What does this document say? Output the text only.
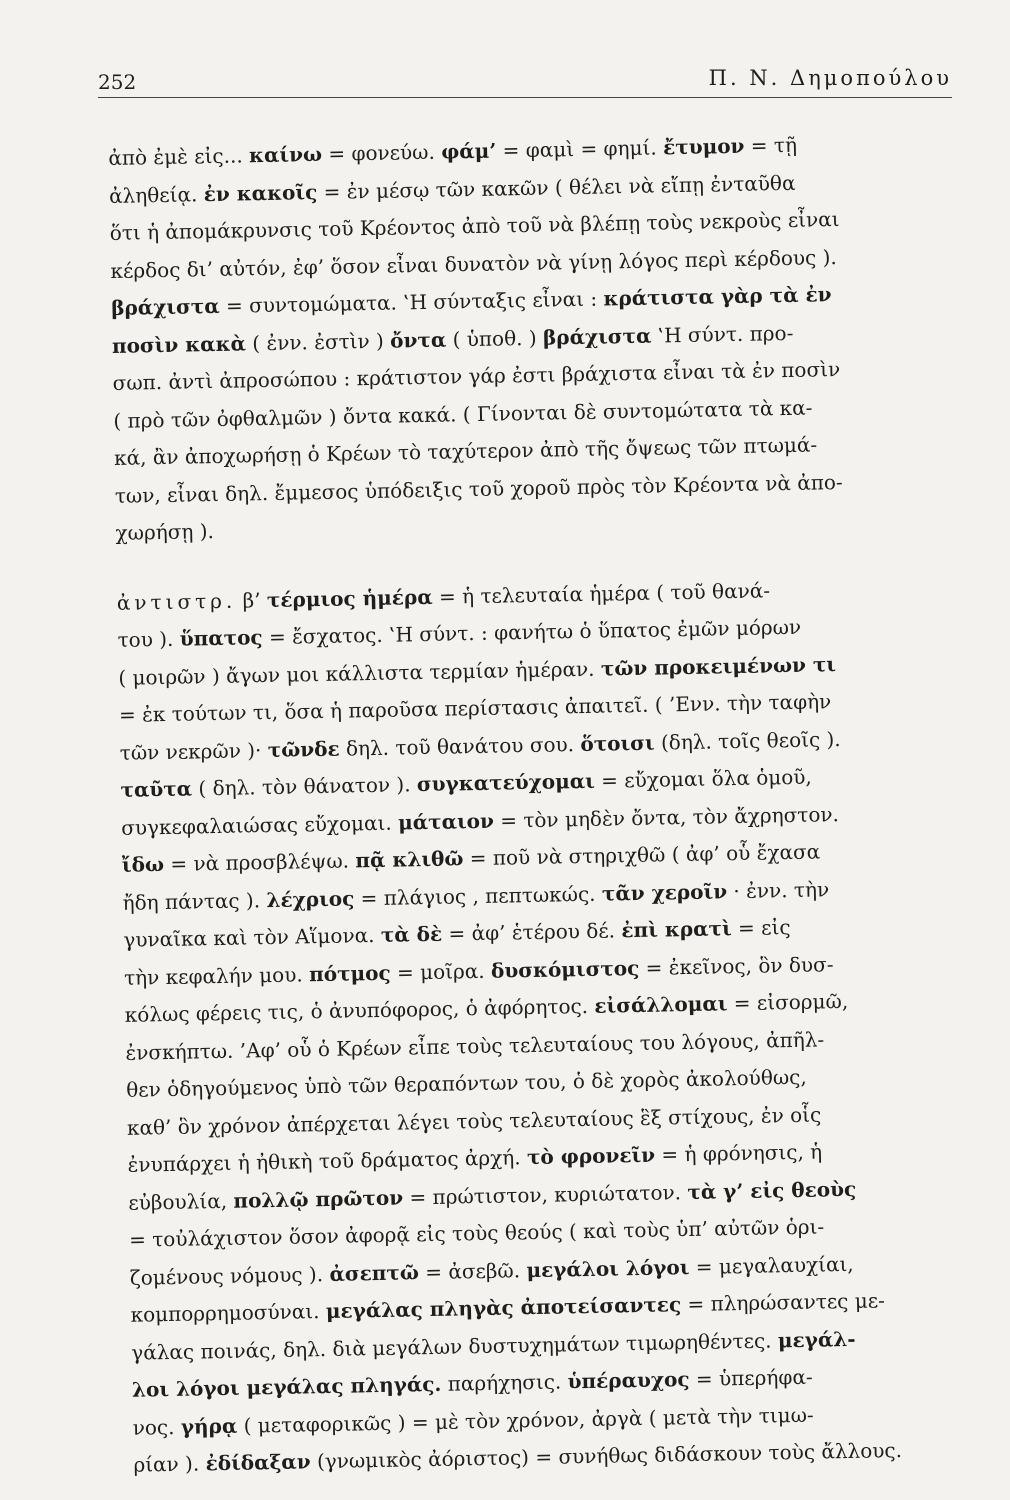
252	Π. Ν. Δημοπούλου

ἀπὸ ἐμὲ εἰς... καίνω = φονεύω. φάμ’ = φαμὶ = φημί. ἔτυμον = τῇ
ἀληθείᾳ. ἐν κακοῖς = ἐν μέσῳ τῶν κακῶν ( θέλει νὰ εἴπῃ ἐνταῦθα
ὅτι ἡ ἀπομάκρυνσις τοῦ Κρέοντος ἀπὸ τοῦ νὰ βλέπῃ τοὺς νεκροὺς εἶναι
κέρδος δι’ αὐτόν, ἐφ’ ὅσον εἶναι δυνατὸν νὰ γίνῃ λόγος περὶ κέρδους ).
βράχιστα = συντομώματα. ‛Η σύνταξις εἶναι : κράτιστα γὰρ τὰ ἐν
ποσὶν κακὰ ( ἐνν. ἐστὶν ) ὄντα ( ὑποθ. ) βράχιστα ‛Η σύντ. προ-
σωπ. ἀντὶ ἀπροσώπου : κράτιστον γάρ ἐστι βράχιστα εἶναι τὰ ἐν ποσὶν
( πρὸ τῶν ὀφθαλμῶν ) ὄντα κακά. ( Γίνονται δὲ συντομώτατα τὰ κα-
κά, ἂν ἀποχωρήσῃ ὁ Κρέων τὸ ταχύτερον ἀπὸ τῆς ὄψεως τῶν πτωμά-
των, εἶναι δηλ. ἔμμεσος ὑπόδειξις τοῦ χοροῦ πρὸς τὸν Κρέοντα νὰ ἀπο-
χωρήσῃ ).

ἀντιστρ. β’ τέρμιος ἡμέρα = ἡ τελευταία ἡμέρα ( τοῦ θανά-
του ). ὕπατος = ἔσχατος. ‛Η σύντ. : φανήτω ὁ ὕπατος ἐμῶν μόρων
( μοιρῶν ) ἄγων μοι κάλλιστα τερμίαν ἡμέραν. τῶν προκειμένων τι
= ἐκ τούτων τι, ὅσα ἡ παροῦσα περίστασις ἀπαιτεῖ. ( ’Ενν. τὴν ταφὴν
τῶν νεκρῶν )· τῶνδε δηλ. τοῦ θανάτου σου. ὅτοισι (δηλ. τοῖς θεοῖς ).
ταῦτα ( δηλ. τὸν θάνατον ). συγκατεύχομαι = εὔχομαι ὅλα ὁμοῦ,
συγκεφαλαιώσας εὔχομαι. μάταιον = τὸν μηδὲν ὄντα, τὸν ἄχρηστον.
ἴδω = νὰ προσβλέψω. πᾷ κλιθῶ = ποῦ νὰ στηριχθῶ ( ἀφ’ οὗ ἔχασα
ἤδη πάντας ). λέχριος = πλάγιος , πεπτωκώς. τᾶν χεροῖν · ἐνν. τὴν
γυναῖκα καὶ τὸν Αἵμονα. τὰ δὲ = ἀφ’ ἑτέρου δέ. ἐπὶ κρατὶ = εἰς
τὴν κεφαλήν μου. πότμος = μοῖρα. δυσκόμιστος = ἐκεῖνος, ὃν δυσ-
κόλως φέρεις τις, ὁ ἀνυπόφορος, ὁ ἀφόρητος. εἰσάλλομαι = εἰσορμῶ,
ἐνσκήπτω. ’Αφ’ οὗ ὁ Κρέων εἶπε τοὺς τελευταίους του λόγους, ἀπῆλ-
θεν ὁδηγούμενος ὑπὸ τῶν θεραπόντων του, ὁ δὲ χορὸς ἀκολούθως,
καθ’ ὃν χρόνον ἀπέρχεται λέγει τοὺς τελευταίους ἓξ στίχους, ἐν οἷς
ἐνυπάρχει ἡ ἠθικὴ τοῦ δράματος ἀρχή. τὸ φρονεῖν = ἡ φρόνησις, ἡ
εὐβουλία, πολλῷ πρῶτον = πρώτιστον, κυριώτατον. τὰ γ’ εἰς θεοὺς
= τοὐλάχιστον ὅσον ἀφορᾷ εἰς τοὺς θεούς ( καὶ τοὺς ὑπ’ αὐτῶν ὁρι-
ζομένους νόμους ). ἀσεπτῶ = ἀσεβῶ. μεγάλοι λόγοι = μεγαλαυχίαι,
κομπορρημοσύναι. μεγάλας πληγὰς ἀποτείσαντες = πληρώσαντες με-
γάλας ποινάς, δηλ. διὰ μεγάλων δυστυχημάτων τιμωρηθέντες. μεγάλ-
λοι λόγοι μεγάλας πληγάς. παρήχησις. ὑπέραυχος = ὑπερήφα-
νος. γήρᾳ ( μεταφορικῶς ) = μὲ τὸν χρόνον, ἀργὰ ( μετὰ τὴν τιμω-
ρίαν ). ἐδίδαξαν (γνωμικὸς ἀόριστος) = συνήθως διδάσκουν τοὺς ἄλλους.
